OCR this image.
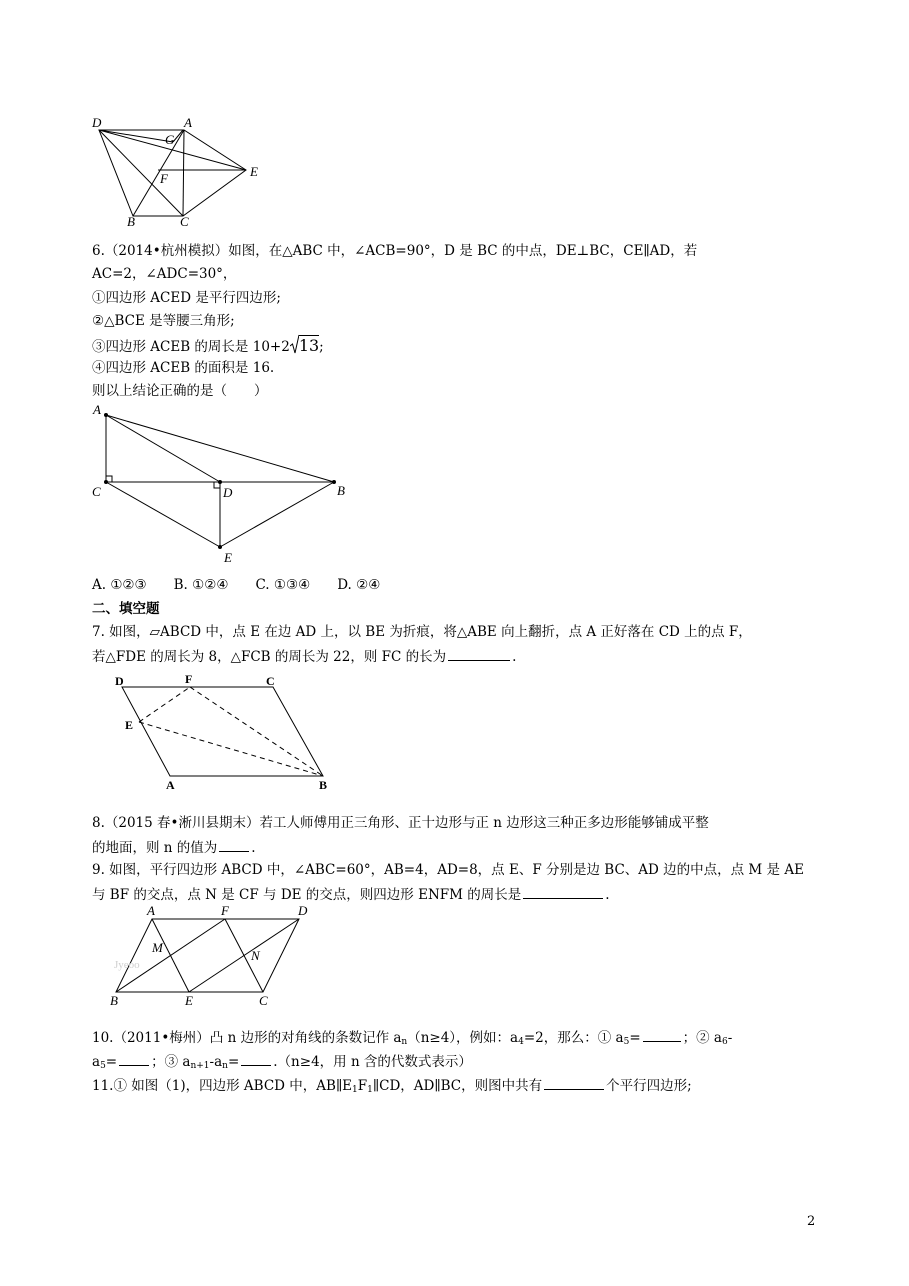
D	A
G
E
F
B	C
6.（2014•杭州模拟）如图，在△ABC 中，∠ACB=90°，D 是 BC 的中点，DE⊥BC，CE∥AD，若
AC=2，∠ADC=30°，
①四边形 ACED 是平行四边形;
②△BCE 是等腰三角形;
③四边形 ACEB 的周长是 10+2 13;
④四边形 ACEB 的面积是 16.
则以上结论正确的是（　　）
A
C	D	B
E
A. ①②③　　B. ①②④　　C. ①③④　　D. ②④
二、填空题
7. 如图，▱ABCD 中，点 E 在边 AD 上，以 BE 为折痕，将△ABE 向上翻折，点 A 正好落在 CD 上的点 F，
若△FDE 的周长为 8，△FCB 的周长为 22，则 FC 的长为	.
D	F	C
E
A	B
8.（2015 春•淅川县期末）若工人师傅用正三角形、正十边形与正 n 边形这三种正多边形能够铺成平整
的地面，则 n 的值为	.
9. 如图，平行四边形 ABCD 中，∠ABC=60°，AB=4，AD=8，点 E、F 分别是边 BC、AD 边的中点，点 M 是 AE
与 BF 的交点，点 N 是 CF 与 DE 的交点，则四边形 ENFM 的周长是	.
Jyeoo
A	F	D
M
N
B	E	C
10.（2011•梅州）凸 n 边形的对角线的条数记作 $a_n(n\ge 4)$，例如：$a_4=2$，那么：① $a_5=$	；② $a_6-$
$a_5=$	；③ $a_{n+1}-a_n=$	.（n≥4，用 n 含的代数式表示）
11.① 如图（1)，四边形 ABCD 中，$AB\parallel E_1F_1\parallel CD$，AD∥BC，则图中共有	个平行四边形;
2
